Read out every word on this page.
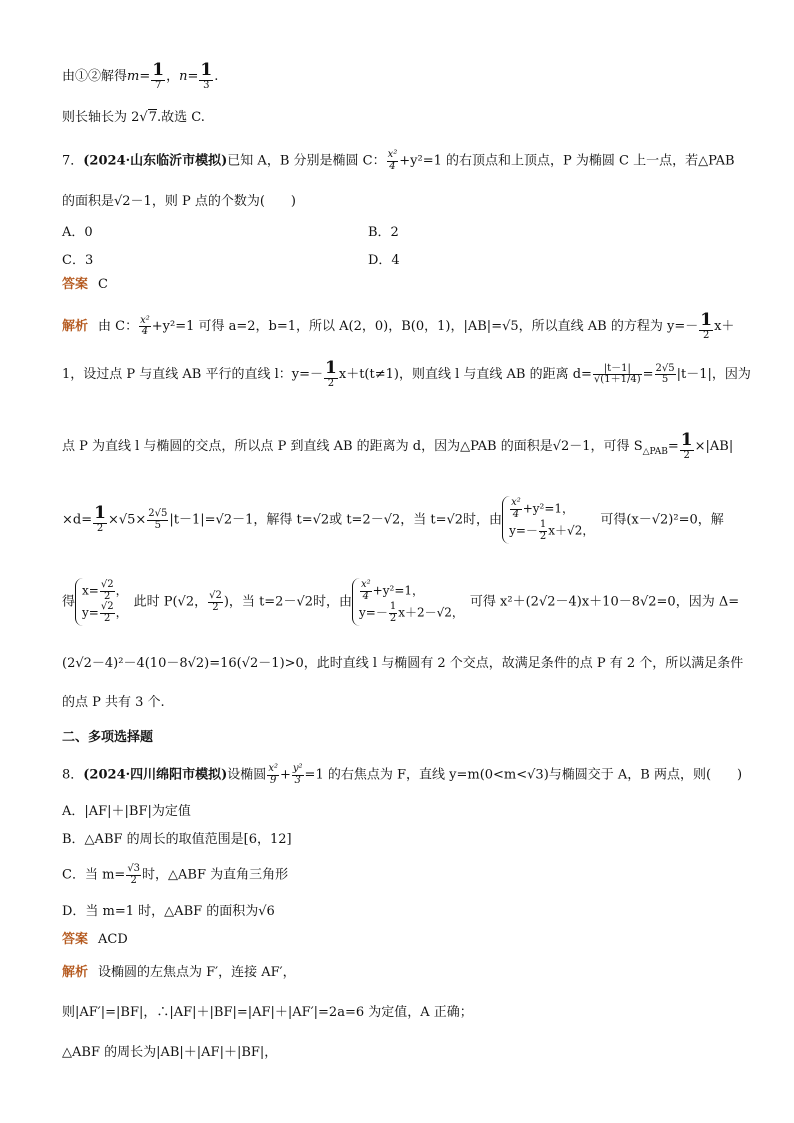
由①②解得$m= \frac{1}{7}$ ，$n= \frac{1}{3}$ .
则长轴长为 2√7.故选 C.
7．(2024·山东临沂市模拟)已知 A，B 分别是椭圆 C： $\frac{\text{x²}}{4} +y^2=1$ 的右顶点和上顶点，P 为椭圆 C 上一点，若△PAB
的面积是√2－1，则 P 点的个数为(　　)
A．0	B．2
C．3	D．4
答案 C
解析 由 C： $\frac{\text{x²}}{4} +y^2=1$ 可得 a=2，b=1，所以 A(2，0)，B(0，1)，|AB|=√5，所以直线 AB 的方程为 $y=- \frac{1}{2} x+$
1，设过点 P 与直线 AB 平行的直线 l：$y=- \frac{1}{2} x+t(t\ne 1)$，则直线 l 与直线 AB 的距离 $d= \frac{|t-1|}{√(1+1/4)} = \frac{2√5}{5} |t-1|$，因为
点 P 为直线 l 与椭圆的交点，所以点 P 到直线 AB 的距离为 d，因为△PAB 的面积是√2－1，可得 $S_{\triangle PAB}= \frac{1}{2} \times|AB|$
$\times d= \frac{1}{2} \times√5\times \frac{2√5}{5} |t-1|=√2-1$，解得 t=√2或 t=2－√2，当 t=√2时，由 $\frac{\text{x²}}{4} +y^2=1$，
$y=- \frac{1}{2} x+√2$，
可得(x－√2)²=0，解
得
$x= \frac{√2}{2}$ ，
$y= \frac{√2}{2}$ ，
此时 P(√2， $\frac{√2}{2}$ )，当 t=2－√2时，由 $\frac{\text{x²}}{4} +y^2=1$，
$y=- \frac{1}{2} x+2-√2$，
可得 x²＋(2√2－4)x＋10－8√2=0，因为 Δ=
(2√2－4)²－4(10－8√2)=16(√2－1)>0，此时直线 l 与椭圆有 2 个交点，故满足条件的点 P 有 2 个，所以满足条件
的点 P 共有 3 个.
二、多项选择题
8．(2024·四川绵阳市模拟)设椭圆 $\frac{\text{x²}}{9} + \frac{\text{y²}}{3} =1$ 的右焦点为 F，直线 y=m(0<m<√3)与椭圆交于 A，B 两点，则(　　)
A．|AF|＋|BF|为定值
B．△ABF 的周长的取值范围是[6，12]
C．当 $m= \frac{√3}{2}$ 时，△ABF 为直角三角形
D．当 m=1 时，△ABF 的面积为√6
答案 ACD
解析 设椭圆的左焦点为 F′，连接 AF′，
则|AF′|=|BF|，∴|AF|＋|BF|=|AF|＋|AF′|=2a=6 为定值，A 正确；
△ABF 的周长为|AB|＋|AF|＋|BF|，
